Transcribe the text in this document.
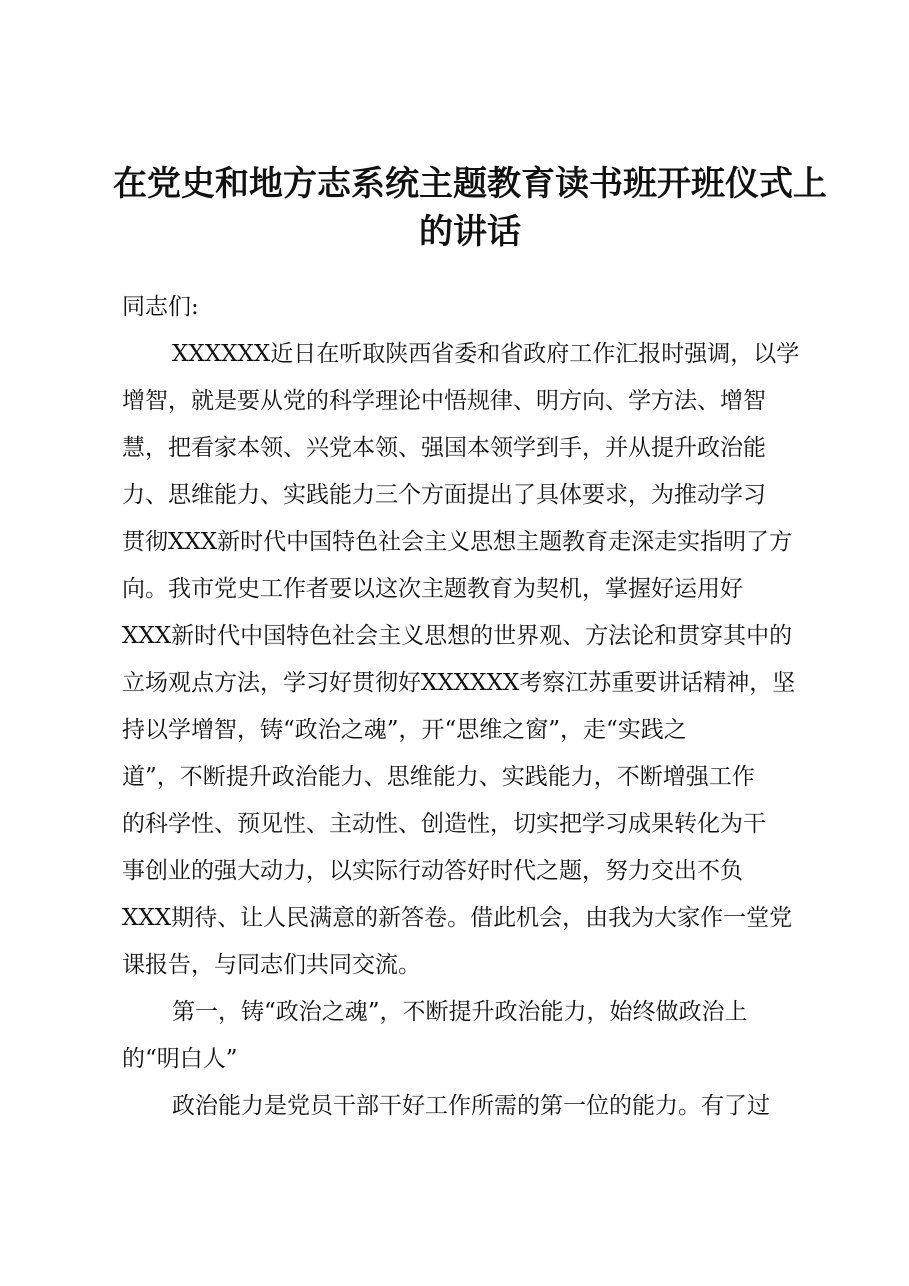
在党史和地方志系统主题教育读书班开班仪式上
的讲话
同志们:
XXXXXX近日在听取陕西省委和省政府工作汇报时强调，以学
增智，就是要从党的科学理论中悟规律、明方向、学方法、增智
慧，把看家本领、兴党本领、强国本领学到手，并从提升政治能
力、思维能力、实践能力三个方面提出了具体要求，为推动学习
贯彻XXX新时代中国特色社会主义思想主题教育走深走实指明了方
向。我市党史工作者要以这次主题教育为契机，掌握好运用好
XXX新时代中国特色社会主义思想的世界观、方法论和贯穿其中的
立场观点方法，学习好贯彻好XXXXXX考察江苏重要讲话精神，坚
持以学增智，铸“政治之魂”，开“思维之窗”，走“实践之
道”，不断提升政治能力、思维能力、实践能力，不断增强工作
的科学性、预见性、主动性、创造性，切实把学习成果转化为干
事创业的强大动力，以实际行动答好时代之题，努力交出不负
XXX期待、让人民满意的新答卷。借此机会，由我为大家作一堂党
课报告，与同志们共同交流。
第一，铸“政治之魂”，不断提升政治能力，始终做政治上
的“明白人”
政治能力是党员干部干好工作所需的第一位的能力。有了过
